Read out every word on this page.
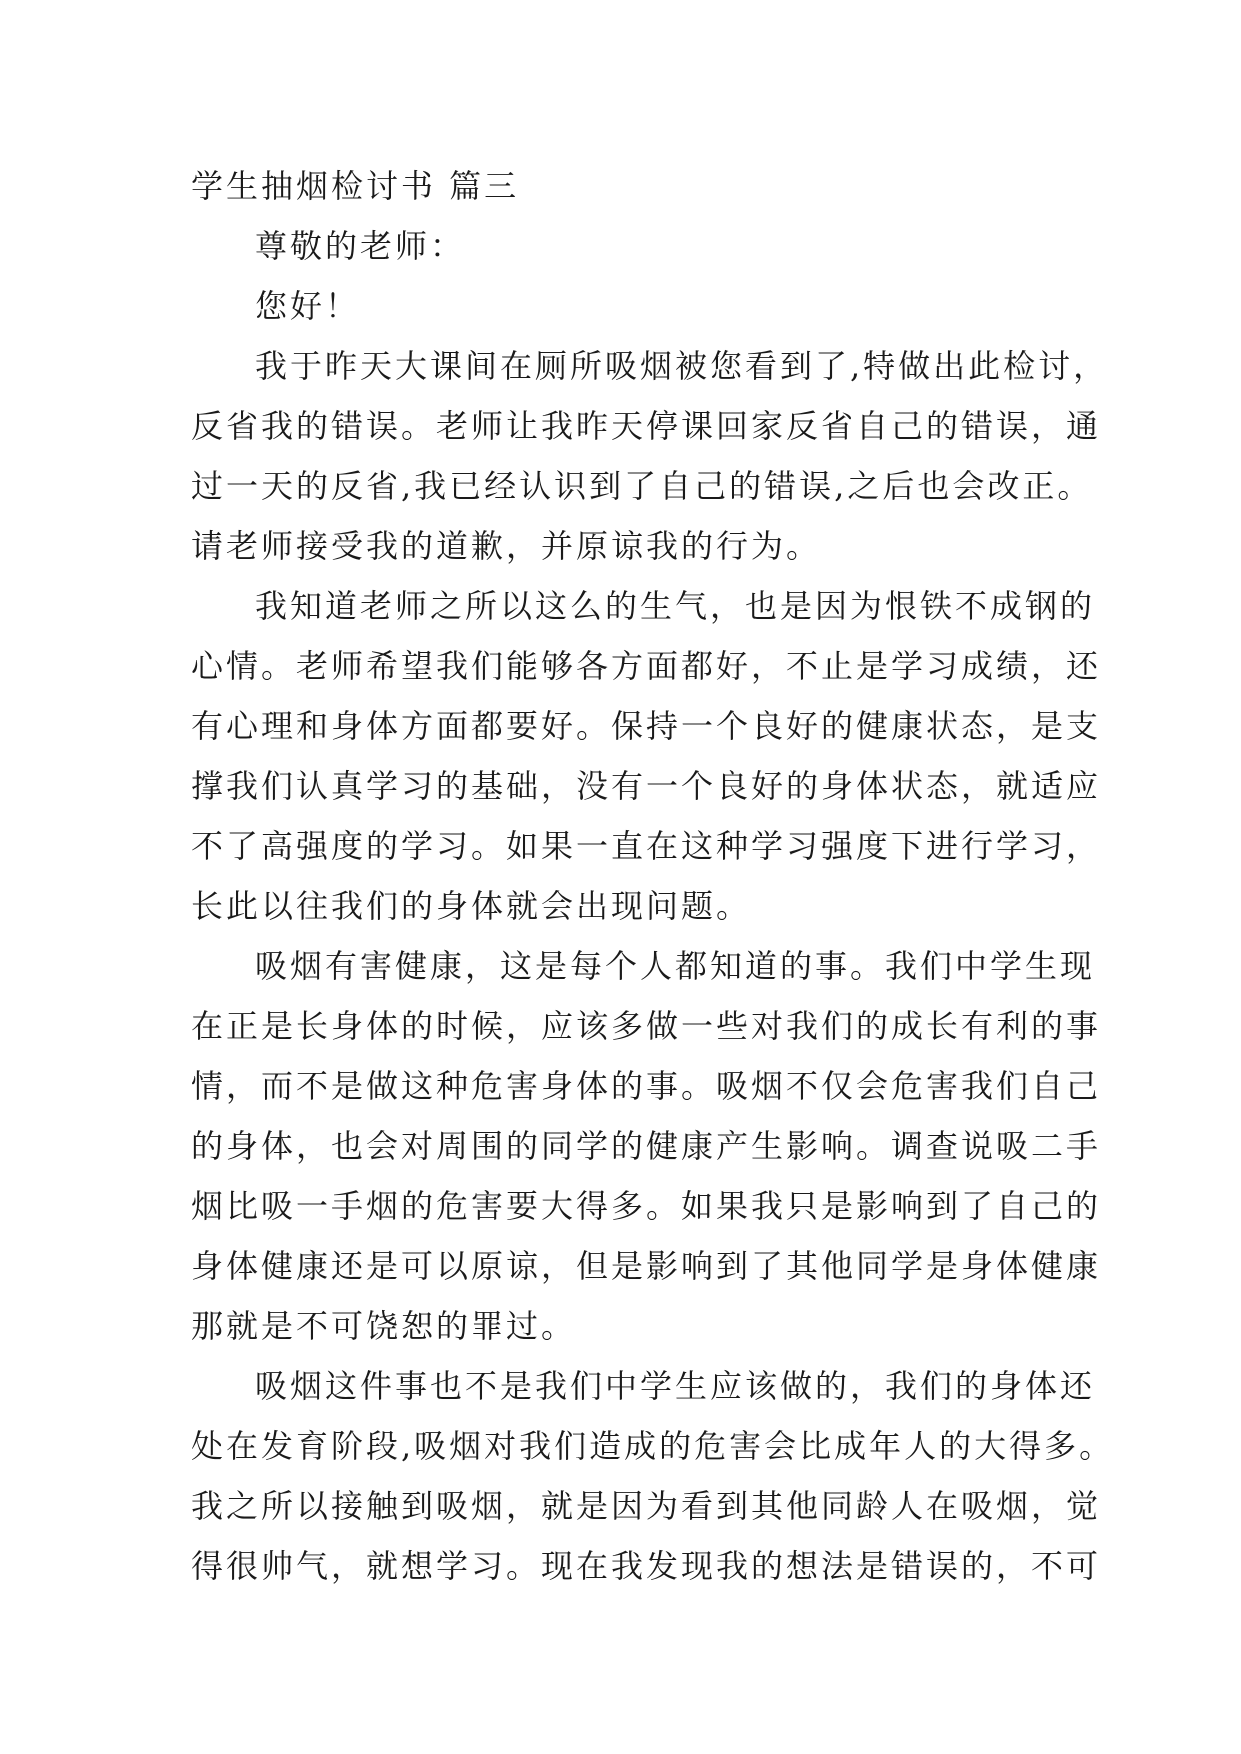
学生抽烟检讨书 篇三
尊敬的老师：
您好！
我于昨天大课间在厕所吸烟被您看到了,特做出此检讨，
反省我的错误。老师让我昨天停课回家反省自己的错误，通
过一天的反省,我已经认识到了自己的错误,之后也会改正。
请老师接受我的道歉，并原谅我的行为。
我知道老师之所以这么的生气，也是因为恨铁不成钢的
心情。老师希望我们能够各方面都好，不止是学习成绩，还
有心理和身体方面都要好。保持一个良好的健康状态，是支
撑我们认真学习的基础，没有一个良好的身体状态，就适应
不了高强度的学习。如果一直在这种学习强度下进行学习，
长此以往我们的身体就会出现问题。
吸烟有害健康，这是每个人都知道的事。我们中学生现
在正是长身体的时候，应该多做一些对我们的成长有利的事
情，而不是做这种危害身体的事。吸烟不仅会危害我们自己
的身体，也会对周围的同学的健康产生影响。调查说吸二手
烟比吸一手烟的危害要大得多。如果我只是影响到了自己的
身体健康还是可以原谅，但是影响到了其他同学是身体健康
那就是不可饶恕的罪过。
吸烟这件事也不是我们中学生应该做的，我们的身体还
处在发育阶段,吸烟对我们造成的危害会比成年人的大得多。
我之所以接触到吸烟，就是因为看到其他同龄人在吸烟，觉
得很帅气，就想学习。现在我发现我的想法是错误的，不可
